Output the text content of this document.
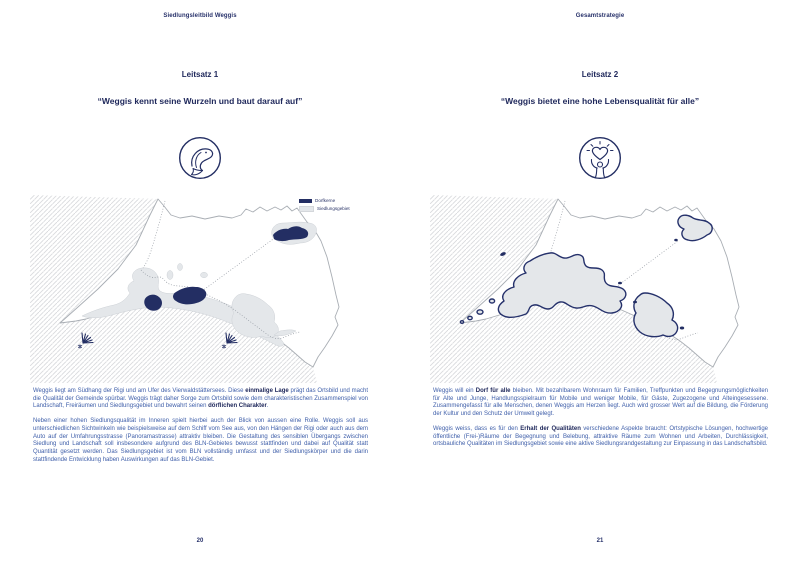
Siedlungsleitbild Weggis
Leitsatz 1
“Weggis kennt seine Wurzeln und baut darauf auf”
Dorfkerne
Siedlungsgebiet

Weggis liegt am Südhang der Rigi und am Ufer des Vierwaldstättersees. Diese einmalige Lage prägt das Ortsbild und macht die Qualität der Gemeinde spürbar. Weggis trägt daher Sorge zum Ortsbild sowie dem charakteristischen Zusammenspiel von Landschaft, Freiräumen und Siedlungsgebiet und bewahrt seinen dörflichen Charakter.

Neben einer hohen Siedlungsqualität im Inneren spielt hierbei auch der Blick von aussen eine Rolle. Weggis soll aus unterschiedlichen Sichtwinkeln wie beispielsweise auf dem Schiff vom See aus, von den Hängen der Rigi oder auch aus dem Auto auf der Umfahrungsstrasse (Panoramastrasse) attraktiv bleiben. Die Gestaltung des sensiblen Übergangs zwischen Siedlung und Landschaft soll insbesondere aufgrund des BLN-Gebietes bewusst stattfinden und dabei auf Qualität statt Quantität gesetzt werden. Das Siedlungsgebiet ist vom BLN vollständig umfasst und der Siedlungskörper und die darin stattfindende Entwicklung haben Auswirkungen auf das BLN-Gebiet.

20
Gesamtstrategie
Leitsatz 2
“Weggis bietet eine hohe Lebensqualität für alle”

Weggis will ein Dorf für alle bleiben. Mit bezahlbarem Wohnraum für Familien, Treffpunkten und Begegnungsmöglichkeiten für Alte und Junge, Handlungsspielraum für Mobile und weniger Mobile, für Gäste, Zugezogene und Alteingesessene. Zusammengefasst für alle Menschen, denen Weggis am Herzen liegt. Auch wird grosser Wert auf die Bildung, die Förderung der Kultur und den Schutz der Umwelt gelegt.

Weggis weiss, dass es für den Erhalt der Qualitäten verschiedene Aspekte braucht: Ortstypische Lösungen, hochwertige öffentliche (Frei-)Räume der Begegnung und Belebung, attraktive Räume zum Wohnen und Arbeiten, Durchlässigkeit, ortsbauliche Qualitäten im Siedlungsgebiet sowie eine aktive Siedlungsrandgestaltung zur Einpassung in das Landschaftsbild.

21
